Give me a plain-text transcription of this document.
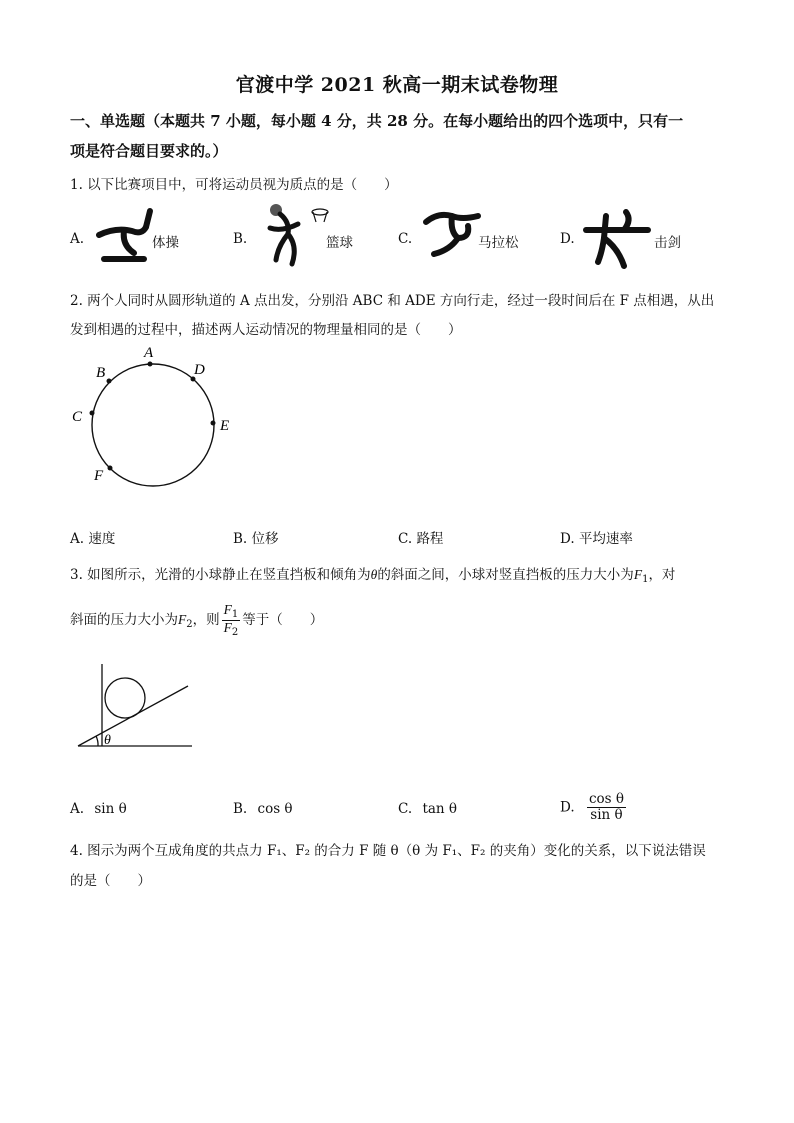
官渡中学 2021 秋高一期末试卷物理
一、单选题（本题共 7 小题，每小题 4 分，共 28 分。在每小题给出的四个选项中，只有一
项是符合题目要求的。）
1. 以下比赛项目中，可将运动员视为质点的是（　　）
A.	体操	B.	篮球	C.	马拉松	D.	击剑
2. 两个人同时从圆形轨道的 A 点出发，分别沿 ABC 和 ADE 方向行走，经过一段时间后在 F 点相遇，从出
发到相遇的过程中，描述两人运动情况的物理量相同的是（　　）
A
B	D
C
E
F
A. 速度	B. 位移	C. 路程	D. 平均速率
3. 如图所示，光滑的小球静止在竖直挡板和倾角为θ的斜面之间，小球对竖直挡板的压力大小为$F_1$，对
斜面的压力大小为$F_2$，则 $\frac{F_1}{F_2}$ 等于（　　）
θ
A. sin θ	B. cos θ	C. tan θ	D. $\frac{\text{cos θ}}{\text{sin θ}}$
4. 图示为两个互成角度的共点力 F₁、F₂ 的合力 F 随 θ（θ 为 F₁、F₂ 的夹角）变化的关系，以下说法错误
的是（　　）
